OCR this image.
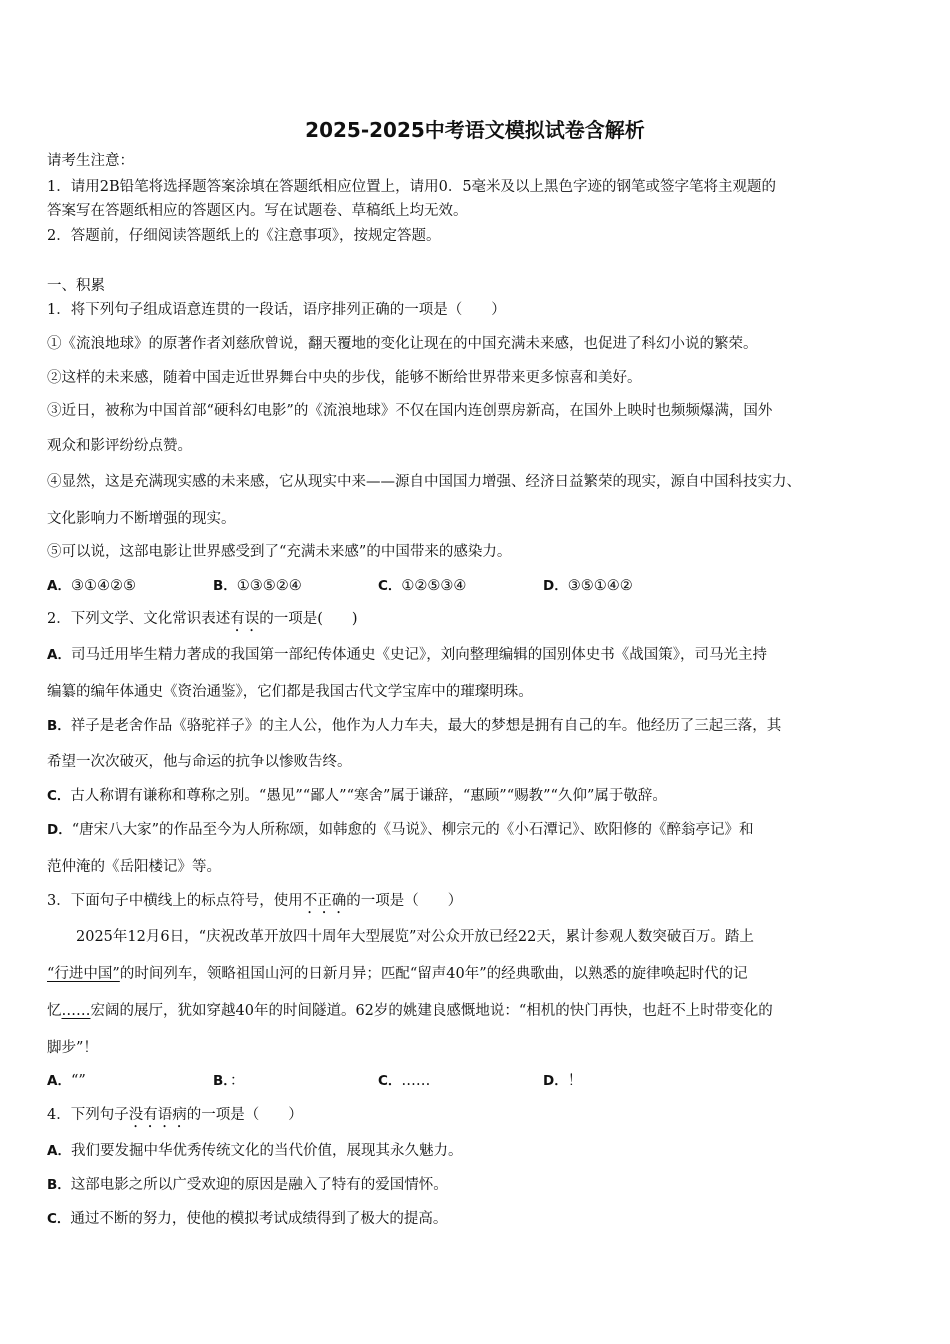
2025-2025中考语文模拟试卷含解析
请考生注意：
1．请用2B铅笔将选择题答案涂填在答题纸相应位置上，请用0．5毫米及以上黑色字迹的钢笔或签字笔将主观题的
答案写在答题纸相应的答题区内。写在试题卷、草稿纸上均无效。
2．答题前，仔细阅读答题纸上的《注意事项》，按规定答题。
一、积累
1．将下列句子组成语意连贯的一段话，语序排列正确的一项是（　　）
①《流浪地球》的原著作者刘慈欣曾说，翻天覆地的变化让现在的中国充满未来感，也促进了科幻小说的繁荣。
②这样的未来感，随着中国走近世界舞台中央的步伐，能够不断给世界带来更多惊喜和美好。
③近日，被称为中国首部“硬科幻电影”的《流浪地球》不仅在国内连创票房新高，在国外上映时也频频爆满，国外
观众和影评纷纷点赞。
④显然，这是充满现实感的未来感，它从现实中来——源自中国国力增强、经济日益繁荣的现实，源自中国科技实力、
文化影响力不断增强的现实。
⑤可以说，这部电影让世界感受到了“充满未来感”的中国带来的感染力。
A．③①④②⑤	B．①③⑤②④	C．①②⑤③④	D．③⑤①④②
2．下列文学、文化常识表述有误的一项是(　　)
A．司马迁用毕生精力著成的我国第一部纪传体通史《史记》，刘向整理编辑的国别体史书《战国策》，司马光主持
编纂的编年体通史《资治通鉴》，它们都是我国古代文学宝库中的璀璨明珠。
B．祥子是老舍作品《骆驼祥子》的主人公，他作为人力车夫，最大的梦想是拥有自己的车。他经历了三起三落，其
希望一次次破灭，他与命运的抗争以惨败告终。
C．古人称谓有谦称和尊称之别。“愚见”“鄙人”“寒舍”属于谦辞，“惠顾”“赐教”“久仰”属于敬辞。
D．“唐宋八大家”的作品至今为人所称颂，如韩愈的《马说》、柳宗元的《小石潭记》、欧阳修的《醉翁亭记》和
范仲淹的《岳阳楼记》等。
3．下面句子中横线上的标点符号，使用不正确的一项是（　　）
2025年12月6日，“庆祝改革开放四十周年大型展览”对公众开放已经22天，累计参观人数突破百万。踏上
“行进中国”的时间列车，领略祖国山河的日新月异；匹配“留声40年”的经典歌曲，以熟悉的旋律唤起时代的记
忆……宏阔的展厅，犹如穿越40年的时间隧道。62岁的姚建良感慨地说：“相机的快门再快，也赶不上时带变化的
脚步”！
A．“”	B．：	C．……	D．！
4．下列句子没有语病的一项是（　　）
A．我们要发掘中华优秀传统文化的当代价值，展现其永久魅力。
B．这部电影之所以广受欢迎的原因是融入了特有的爱国情怀。
C．通过不断的努力，使他的模拟考试成绩得到了极大的提高。
